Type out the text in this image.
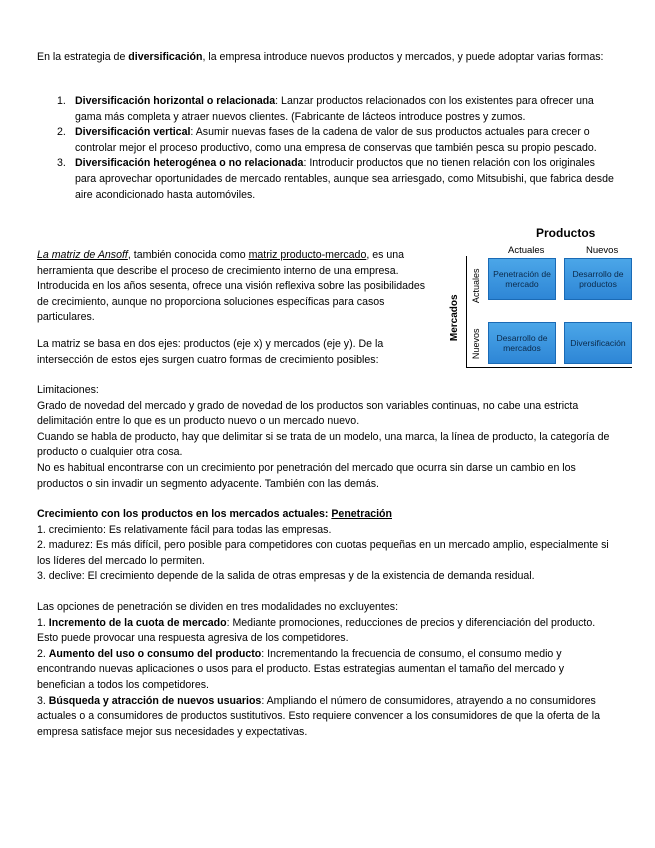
En la estrategia de diversificación, la empresa introduce nuevos productos y mercados, y puede adoptar varias formas:

1. Diversificación horizontal o relacionada: Lanzar productos relacionados con los existentes para ofrecer una gama más completa y atraer nuevos clientes. (Fabricante de lácteos introduce postres y zumos.
2. Diversificación vertical: Asumir nuevas fases de la cadena de valor de sus productos actuales para crecer o controlar mejor el proceso productivo, como una empresa de conservas que también pesca su propio pescado.
3. Diversificación heterogénea o no relacionada: Introducir productos que no tienen relación con los originales para aprovechar oportunidades de mercado rentables, aunque sea arriesgado, como Mitsubishi, que fabrica desde aire acondicionado hasta automóviles.

La matriz de Ansoff, también conocida como matriz producto-mercado, es una herramienta que describe el proceso de crecimiento interno de una empresa. Introducida en los años sesenta, ofrece una visión reflexiva sobre las posibilidades de crecimiento, aunque no proporciona soluciones específicas para casos particulares.

La matriz se basa en dos ejes: productos (eje x) y mercados (eje y). De la intersección de estos ejes surgen cuatro formas de crecimiento posibles:

Productos
Actuales	Nuevos
Mercados
Actuales
Nuevos
Penetración de mercado
Desarrollo de productos
Desarrollo de mercados	Diversificación

Limitaciones:

Grado de novedad del mercado y grado de novedad de los productos son variables continuas, no cabe una estricta delimitación entre lo que es un producto nuevo o un mercado nuevo.

Cuando se habla de producto, hay que delimitar si se trata de un modelo, una marca, la línea de producto, la categoría de producto o cualquier otra cosa.

No es habitual encontrarse con un crecimiento por penetración del mercado que ocurra sin darse un cambio en los productos o sin invadir un segmento adyacente. También con las demás.

Crecimiento con los productos en los mercados actuales: Penetración

1. crecimiento: Es relativamente fácil para todas las empresas.

2. madurez: Es más difícil, pero posible para competidores con cuotas pequeñas en un mercado amplio, especialmente si los líderes del mercado lo permiten.

3. declive: El crecimiento depende de la salida de otras empresas y de la existencia de demanda residual.

Las opciones de penetración se dividen en tres modalidades no excluyentes:

1. Incremento de la cuota de mercado: Mediante promociones, reducciones de precios y diferenciación del producto. Esto puede provocar una respuesta agresiva de los competidores.

2. Aumento del uso o consumo del producto: Incrementando la frecuencia de consumo, el consumo medio y encontrando nuevas aplicaciones o usos para el producto. Estas estrategias aumentan el tamaño del mercado y benefician a todos los competidores.

3. Búsqueda y atracción de nuevos usuarios: Ampliando el número de consumidores, atrayendo a no consumidores actuales o a consumidores de productos sustitutivos. Esto requiere convencer a los consumidores de que la oferta de la empresa satisface mejor sus necesidades y expectativas.
